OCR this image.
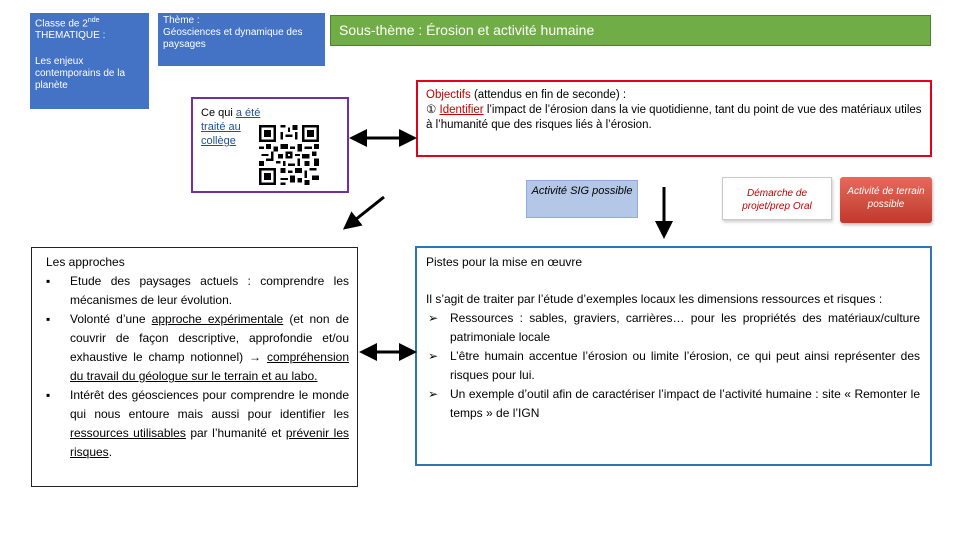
Classe de 2nde
THEMATIQUE :
Les enjeux contemporains de la planète
Thème :
Géosciences et dynamique des paysages
Sous-thème : Érosion et activité humaine
Ce qui a été traité au collège
Objectifs (attendus en fin de seconde) :
① Identifier l’impact de l’érosion dans la vie quotidienne, tant du point de vue des matériaux utiles à l’humanité que des risques liés à l’érosion.
Activité SIG possible	Démarche de projet/prep Oral
Activité de terrain possible
Les approches
▪ Etude des paysages actuels : comprendre les mécanismes de leur évolution.
▪ Volonté d’une approche expérimentale (et non de couvrir de façon descriptive, approfondie et/ou exhaustive le champ notionnel) → compréhension du travail du géologue sur le terrain et au labo.
▪ Intérêt des géosciences pour comprendre le monde qui nous entoure mais aussi pour identifier les ressources utilisables par l’humanité et prévenir les risques.
Pistes pour la mise en œuvre
Il s’agit de traiter par l’étude d’exemples locaux les dimensions ressources et risques :
➢ Ressources : sables, graviers, carrières… pour les propriétés des matériaux/culture patrimoniale locale
➢ L’être humain accentue l’érosion ou limite l’érosion, ce qui peut ainsi représenter des risques pour lui.
➢ Un exemple d’outil afin de caractériser l’impact de l’activité humaine : site « Remonter le temps » de l’IGN
